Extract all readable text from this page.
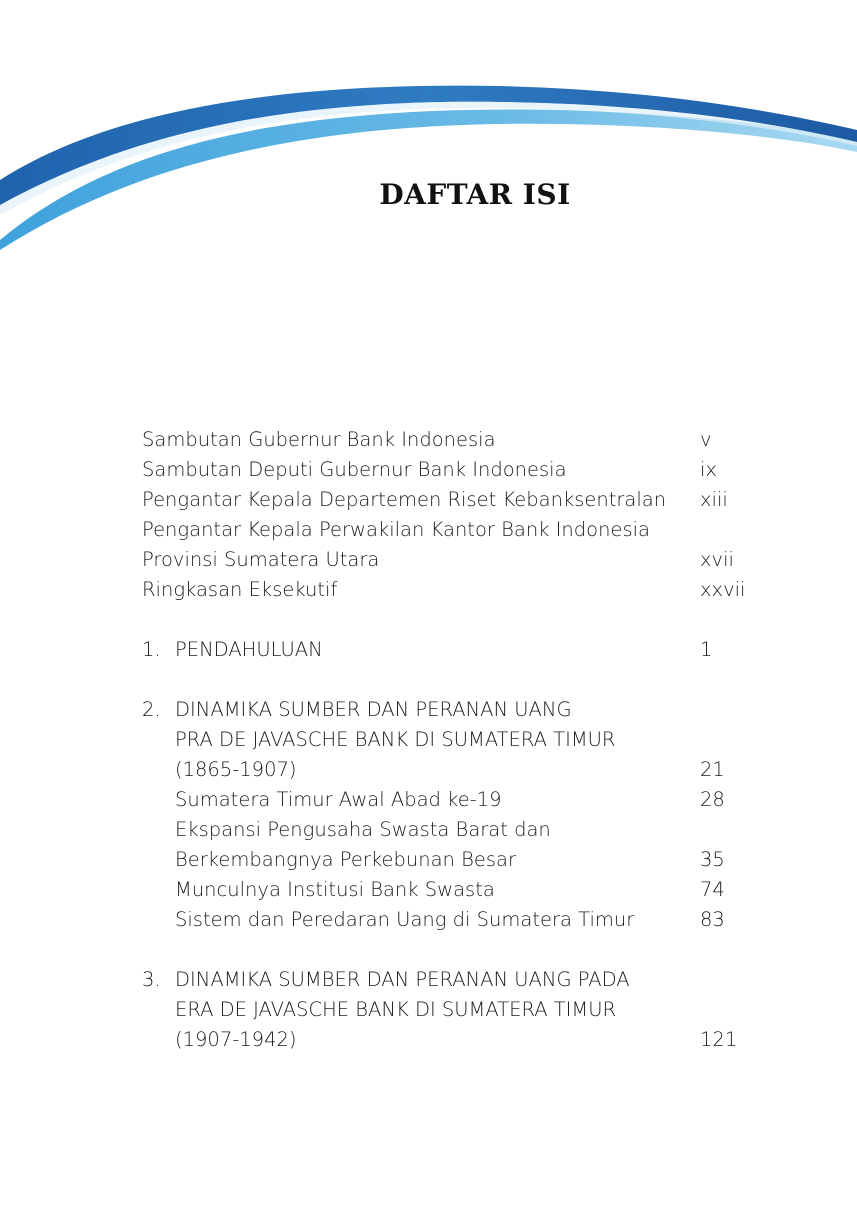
DAFTAR ISI
Sambutan Gubernur Bank Indonesia	v
Sambutan Deputi Gubernur Bank Indonesia	ix
Pengantar Kepala Departemen Riset Kebanksentralan xiii
Pengantar Kepala Perwakilan Kantor Bank Indonesia
Provinsi Sumatera Utara	xvii
Ringkasan Eksekutif	xxvii
1. PENDAHULUAN	1
2. DINAMIKA SUMBER DAN PERANAN UANG
PRA DE JAVASCHE BANK DI SUMATERA TIMUR
(1865-1907)	21
Sumatera Timur Awal Abad ke-19	28
Ekspansi Pengusaha Swasta Barat dan
Berkembangnya Perkebunan Besar	35
Munculnya Institusi Bank Swasta	74
Sistem dan Peredaran Uang di Sumatera Timur	83
3. DINAMIKA SUMBER DAN PERANAN UANG PADA
ERA DE JAVASCHE BANK DI SUMATERA TIMUR
(1907-1942)	121
